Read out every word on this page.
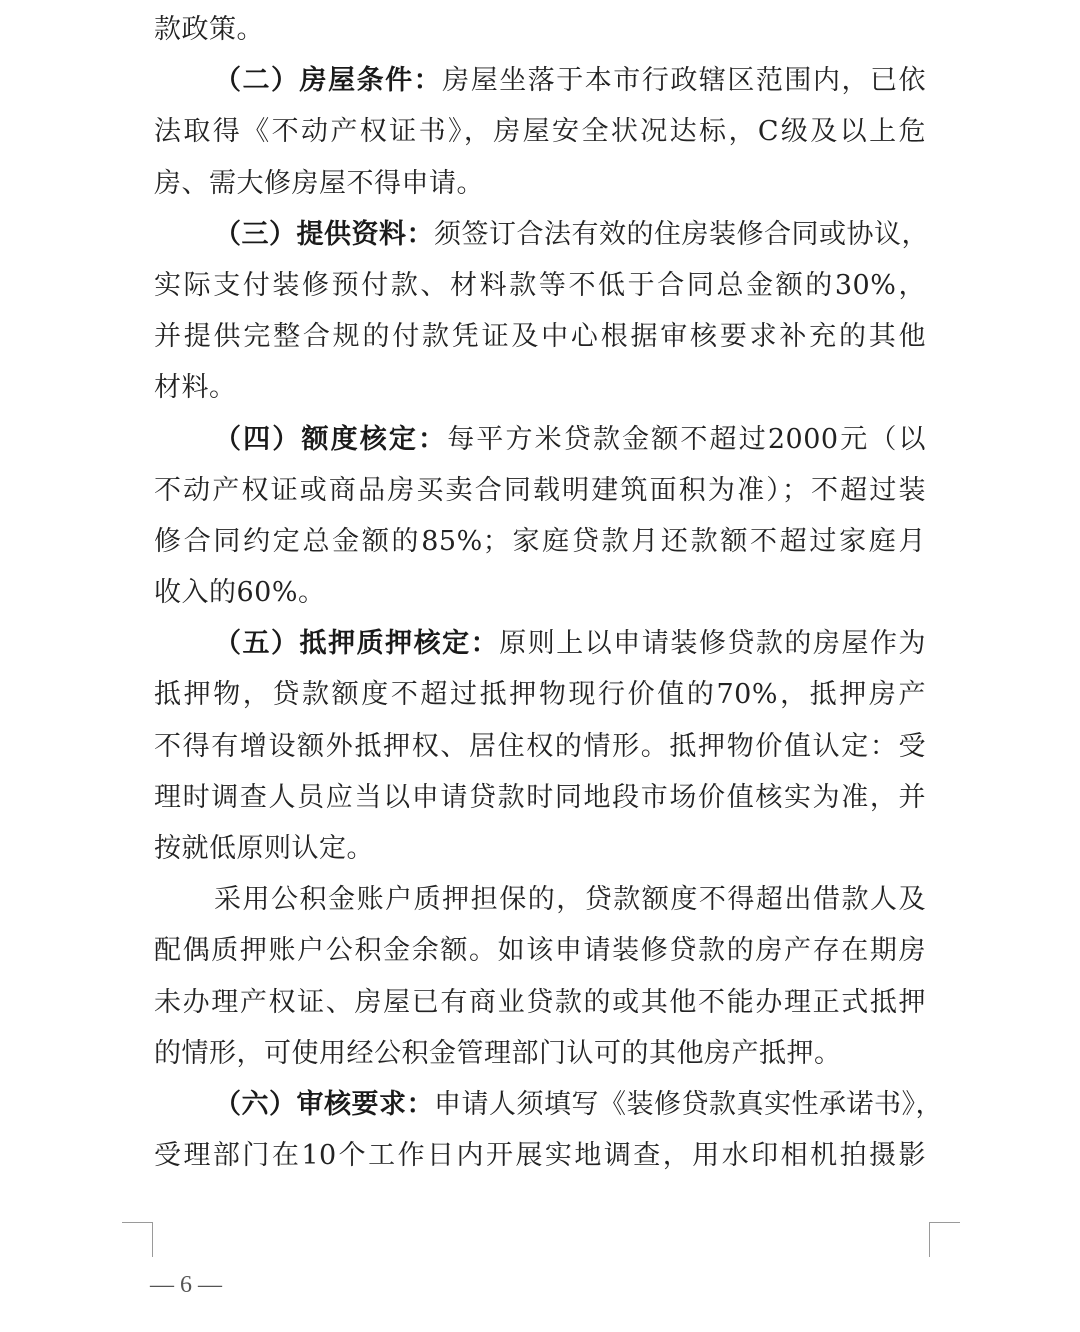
款政策。
（二）房屋条件：房屋坐落于本市行政辖区范围内，已依
法取得《不动产权证书》，房屋安全状况达标，C级及以上危
房、需大修房屋不得申请。
（三）提供资料：须签订合法有效的住房装修合同或协议，
实际支付装修预付款、材料款等不低于合同总金额的30%，
并提供完整合规的付款凭证及中心根据审核要求补充的其他
材料。
（四）额度核定：每平方米贷款金额不超过2000元（以
不动产权证或商品房买卖合同载明建筑面积为准）；不超过装
修合同约定总金额的85%；家庭贷款月还款额不超过家庭月
收入的60%。
（五）抵押质押核定：原则上以申请装修贷款的房屋作为
抵押物，贷款额度不超过抵押物现行价值的70%，抵押房产
不得有增设额外抵押权、居住权的情形。抵押物价值认定：受
理时调查人员应当以申请贷款时同地段市场价值核实为准，并
按就低原则认定。
采用公积金账户质押担保的，贷款额度不得超出借款人及
配偶质押账户公积金余额。如该申请装修贷款的房产存在期房
未办理产权证、房屋已有商业贷款的或其他不能办理正式抵押
的情形，可使用经公积金管理部门认可的其他房产抵押。
（六）审核要求：申请人须填写《装修贷款真实性承诺书》，
受理部门在10个工作日内开展实地调查，用水印相机拍摄影
— 6 —
